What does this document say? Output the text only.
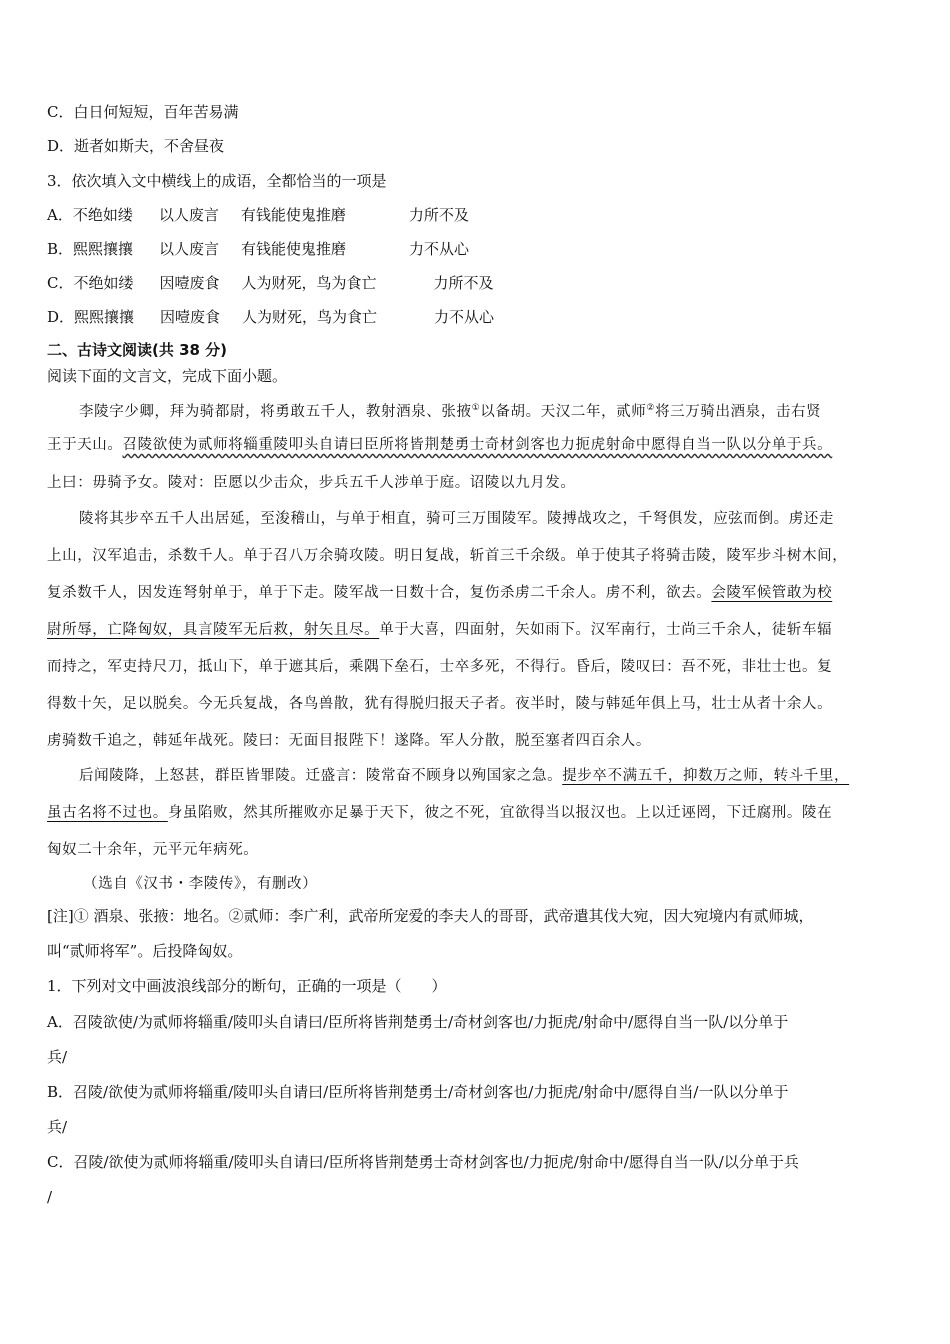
C．白日何短短，百年苦易满
D．逝者如斯夫，不舍昼夜
3．依次填入文中横线上的成语，全都恰当的一项是
A．不绝如缕 以人废言 有钱能使鬼推磨	力所不及
B．熙熙攘攘 以人废言 有钱能使鬼推磨	力不从心
C．不绝如缕 因噎废食 人为财死，鸟为食亡	力所不及
D．熙熙攘攘 因噎废食 人为财死，鸟为食亡	力不从心
二、古诗文阅读(共 38 分)
阅读下面的文言文，完成下面小题。
李陵字少卿，拜为骑都尉，将勇敢五千人，教射酒泉、张掖①以备胡。天汉二年，贰师②将三万骑出酒泉，击右贤
王于天山。召陵欲使为贰师将辎重陵叩头自请曰臣所将皆荆楚勇士奇材剑客也力扼虎射命中愿得自当一队以分单于兵。
上曰：毋骑予女。陵对：臣愿以少击众，步兵五千人涉单于庭。诏陵以九月发。
陵将其步卒五千人出居延，至浚稽山，与单于相直，骑可三万围陵军。陵搏战攻之，千弩俱发，应弦而倒。虏还走
上山，汉军追击，杀数千人。单于召八万余骑攻陵。明日复战，斩首三千余级。单于使其子将骑击陵，陵军步斗树木间，
复杀数千人，因发连弩射单于，单于下走。陵军战一日数十合，复伤杀虏二千余人。虏不利，欲去。会陵军候管敢为校
尉所辱，亡降匈奴，具言陵军无后救，射矢且尽。单于大喜，四面射，矢如雨下。汉军南行，士尚三千余人，徒斩车辐
而持之，军吏持尺刀，抵山下，单于遮其后，乘隅下垒石，士卒多死，不得行。昏后，陵叹曰：吾不死，非壮士也。复
得数十矢，足以脱矣。今无兵复战，各鸟兽散，犹有得脱归报天子者。夜半时，陵与韩延年俱上马，壮士从者十余人。
虏骑数千追之，韩延年战死。陵曰：无面目报陛下！遂降。军人分散，脱至塞者四百余人。
后闻陵降，上怒甚，群臣皆罪陵。迁盛言：陵常奋不顾身以殉国家之急。提步卒不满五千，抑数万之师，转斗千里，
虽古名将不过也。身虽陷败，然其所摧败亦足暴于天下，彼之不死，宜欲得当以报汉也。上以迁诬罔，下迁腐刑。陵在
匈奴二十余年，元平元年病死。
（选自《汉书・李陵传》，有删改）
[注]① 酒泉、张掖：地名。②贰师：李广利，武帝所宠爱的李夫人的哥哥，武帝遣其伐大宛，因大宛境内有贰师城，
叫“贰师将军”。后投降匈奴。
1．下列对文中画波浪线部分的断句，正确的一项是（　　）
A．召陵欲使/为贰师将辎重/陵叩头自请曰/臣所将皆荆楚勇士/奇材剑客也/力扼虎/射命中/愿得自当一队/以分单于
兵/
B．召陵/欲使为贰师将辎重/陵叩头自请曰/臣所将皆荆楚勇士/奇材剑客也/力扼虎/射命中/愿得自当/一队以分单于
兵/
C．召陵/欲使为贰师将辎重/陵叩头自请曰/臣所将皆荆楚勇士奇材剑客也/力扼虎/射命中/愿得自当一队/以分单于兵
/
